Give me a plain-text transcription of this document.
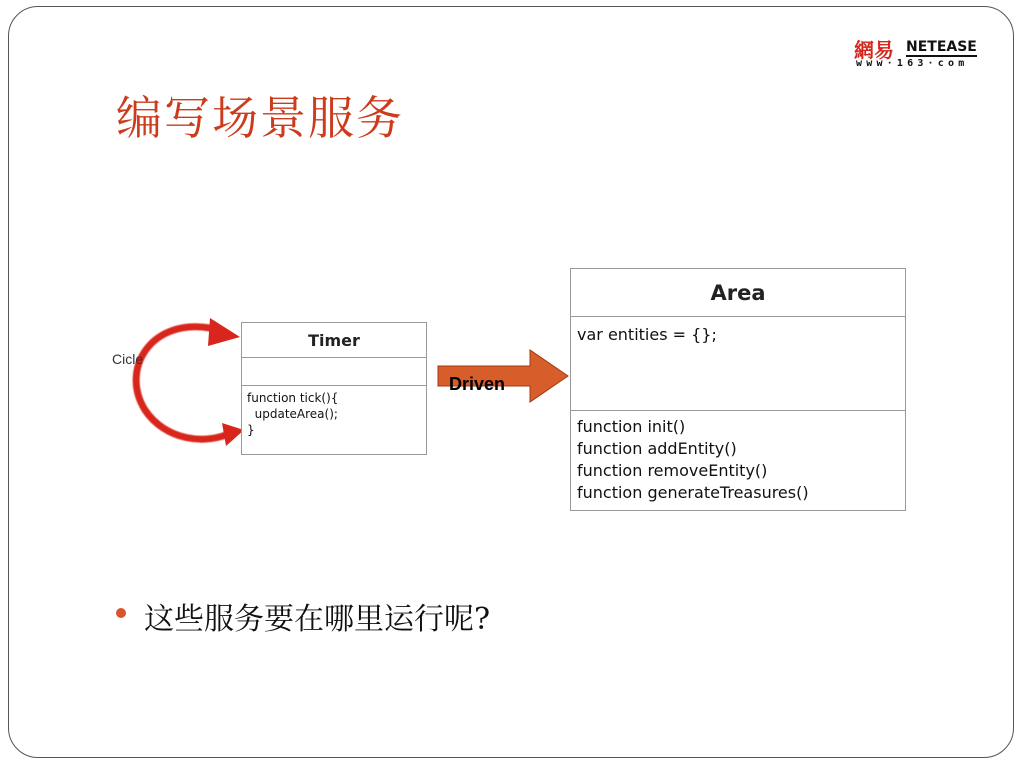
網易 NETEASE
www·163·com
编写场景服务
Cicle
Timer
function tick(){
updateArea();
}
Driven
Area
var entities = {};
function init()
function addEntity()
function removeEntity()
function generateTreasures()
这些服务要在哪里运行呢?
